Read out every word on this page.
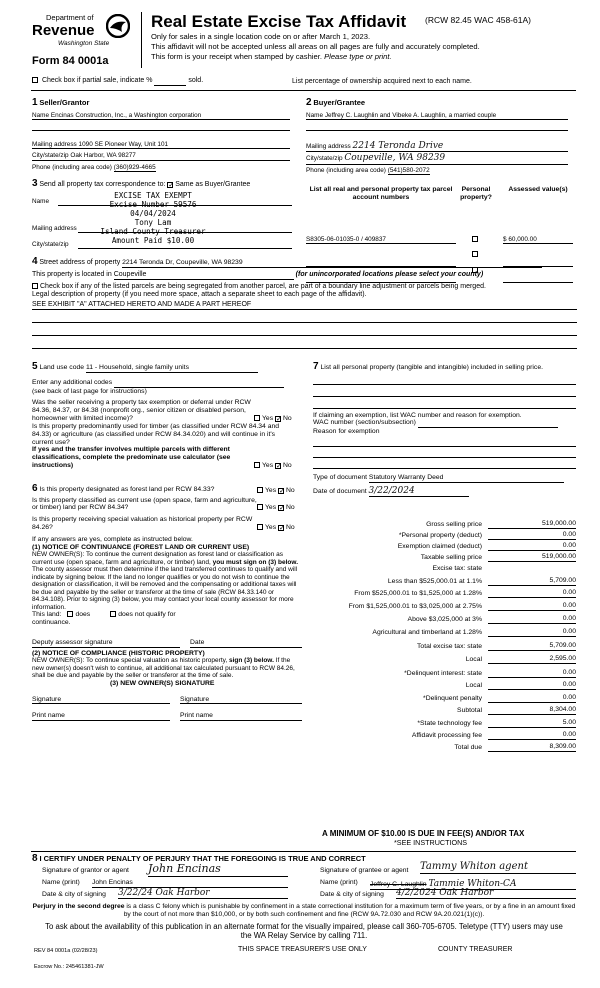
Department of
Revenue
Washington State
Form 84 0001a
Real Estate Excise Tax Affidavit (RCW 82.45 WAC 458-61A)
Only for sales in a single location code on or after March 1, 2023.
This affidavit will not be accepted unless all areas on all pages are fully and accurately completed.
This form is your receipt when stamped by cashier. Please type or print.
Check box if partial sale, indicate %	sold.	List percentage of ownership acquired next to each name.
1 Seller/Grantor
Name Encinas Construction, Inc., a Washington corporation
Mailing address 1090 SE Pioneer Way, Unit 101
City/state/zip Oak Harbor, WA 98277
Phone (including area code) (360)929-4665
2 Buyer/Grantee
Name Jeffrey C. Laughlin and Vibeke A. Laughlin, a married couple
Mailing address 2214 Teronda Drive
City/state/zip Coupeville, WA 98239
Phone (including area code) (541)580-2072
3 Send all property tax correspondence to: ✓ Same as Buyer/Grantee
Name
Mailing address
City/state/zip
EXCISE TAX EXEMPT
Excise Number 59576
04/04/2024
Tony Lam
Island County Treasurer
Amount Paid $10.00
List all real and personal property tax parcel account numbers
Personal property?
Assessed value(s)
S8305-06-01035-0 / 409837	$ 60,000.00

4 Street address of property 2214 Teronda Dr, Coupeville, WA 98239
This property is located in Coupeville	(for unincorporated locations please select your county)
Check box if any of the listed parcels are being segregated from another parcel, are part of a boundary line adjustment or parcels being merged.
Legal description of property (if you need more space, attach a separate sheet to each page of the affidavit).
SEE EXHIBIT "A" ATTACHED HERETO AND MADE A PART HEREOF
5 Land use code 11 - Household, single family units
Enter any additional codes
(see back of last page for instructions)
Was the seller receiving a property tax exemption or deferral under RCW 84.36, 84.37, or 84.38 (nonprofit org., senior citizen or disabled person, homeowner with limited income)?	Yes ✓ No
Is this property predominantly used for timber (as classified under RCW 84.34 and 84.33) or agriculture (as classified under RCW 84.34.020) and will continue in it's current use?
If yes and the transfer involves multiple parcels with different classifications, complete the predominate use calculator (see instructions)	Yes ✓ No
6 Is this property designated as forest land per RCW 84.33?	Yes ✓ No
Is this property classified as current use (open space, farm and agriculture, or timber) land per RCW 84.34?	Yes ✓ No
Is this property receiving special valuation as historical property per RCW 84.26?	Yes ✓ No
If any answers are yes, complete as instructed below.
(1) NOTICE OF CONTINUANCE (FOREST LAND OR CURRENT USE)
NEW OWNER(S): To continue the current designation as forest land or classification as current use (open space, farm and agriculture, or timber) land, you must sign on (3) below. The county assessor must then determine if the land transferred continues to qualify and will indicate by signing below. If the land no longer qualifies or you do not wish to continue the designation or classification, it will be removed and the compensating or additional taxes will be due and payable by the seller or transferor at the time of sale (RCW 84.33.140 or 84.34.108). Prior to signing (3) below, you may contact your local county assessor for more information.
This land:	does	does not qualify for
continuance.
Deputy assessor signature	Date
(2) NOTICE OF COMPLIANCE (HISTORIC PROPERTY)
NEW OWNER(S): To continue special valuation as historic property, sign (3) below. If the new owner(s) doesn't wish to continue, all additional tax calculated pursuant to RCW 84.26, shall be due and payable by the seller or transferor at the time of sale.
(3) NEW OWNER(S) SIGNATURE
Signature	Signature
Print name	Print name
7 List all personal property (tangible and intangible) included in selling price.
If claiming an exemption, list WAC number and reason for exemption.
WAC number (section/subsection)
Reason for exemption
Type of document Statutory Warranty Deed
Date of document 3/22/2024
Gross selling price	519,000.00
*Personal property (deduct)	0.00
Exemption claimed (deduct)	0.00
Taxable selling price	519,000.00
Excise tax: state
Less than $525,000.01 at 1.1%	5,709.00
From $525,000.01 to $1,525,000 at 1.28%	0.00
From $1,525,000.01 to $3,025,000 at 2.75%	0.00
Above $3,025,000 at 3%	0.00
Agricultural and timberland at 1.28%	0.00
Total excise tax: state	5,709.00
Local	2,595.00
*Delinquent interest: state	0.00
Local	0.00
*Delinquent penalty	0.00
Subtotal	8,304.00
*State technology fee	5.00
Affidavit processing fee	0.00
Total due	8,309.00
A MINIMUM OF $10.00 IS DUE IN FEE(S) AND/OR TAX
*SEE INSTRUCTIONS
8 I CERTIFY UNDER PENALTY OF PERJURY THAT THE FOREGOING IS TRUE AND CORRECT
Signature of grantor or agent John Encinas
Name (print) John Encinas
Date & city of signing 3/22/24 Oak Harbor
Signature of grantee or agent Tammy Whiton agent
Name (print) Jeffrey C. Laughlin Tammie Whiton-CA
Date & city of signing 4/2/2024 Oak Harbor
Perjury in the second degree is a class C felony which is punishable by confinement in a state correctional institution for a maximum term of five years, or by a fine in an amount fixed by the court of not more than $10,000, or by both such confinement and fine (RCW 9A.72.030 and RCW 9A.20.021(1)(c)).
To ask about the availability of this publication in an alternate format for the visually impaired, please call 360-705-6705. Teletype (TTY) users may use the WA Relay Service by calling 711.
REV 84 0001a (02/28/23)	THIS SPACE TREASURER'S USE ONLY	COUNTY TREASURER
Escrow No.: 245461381-JW
